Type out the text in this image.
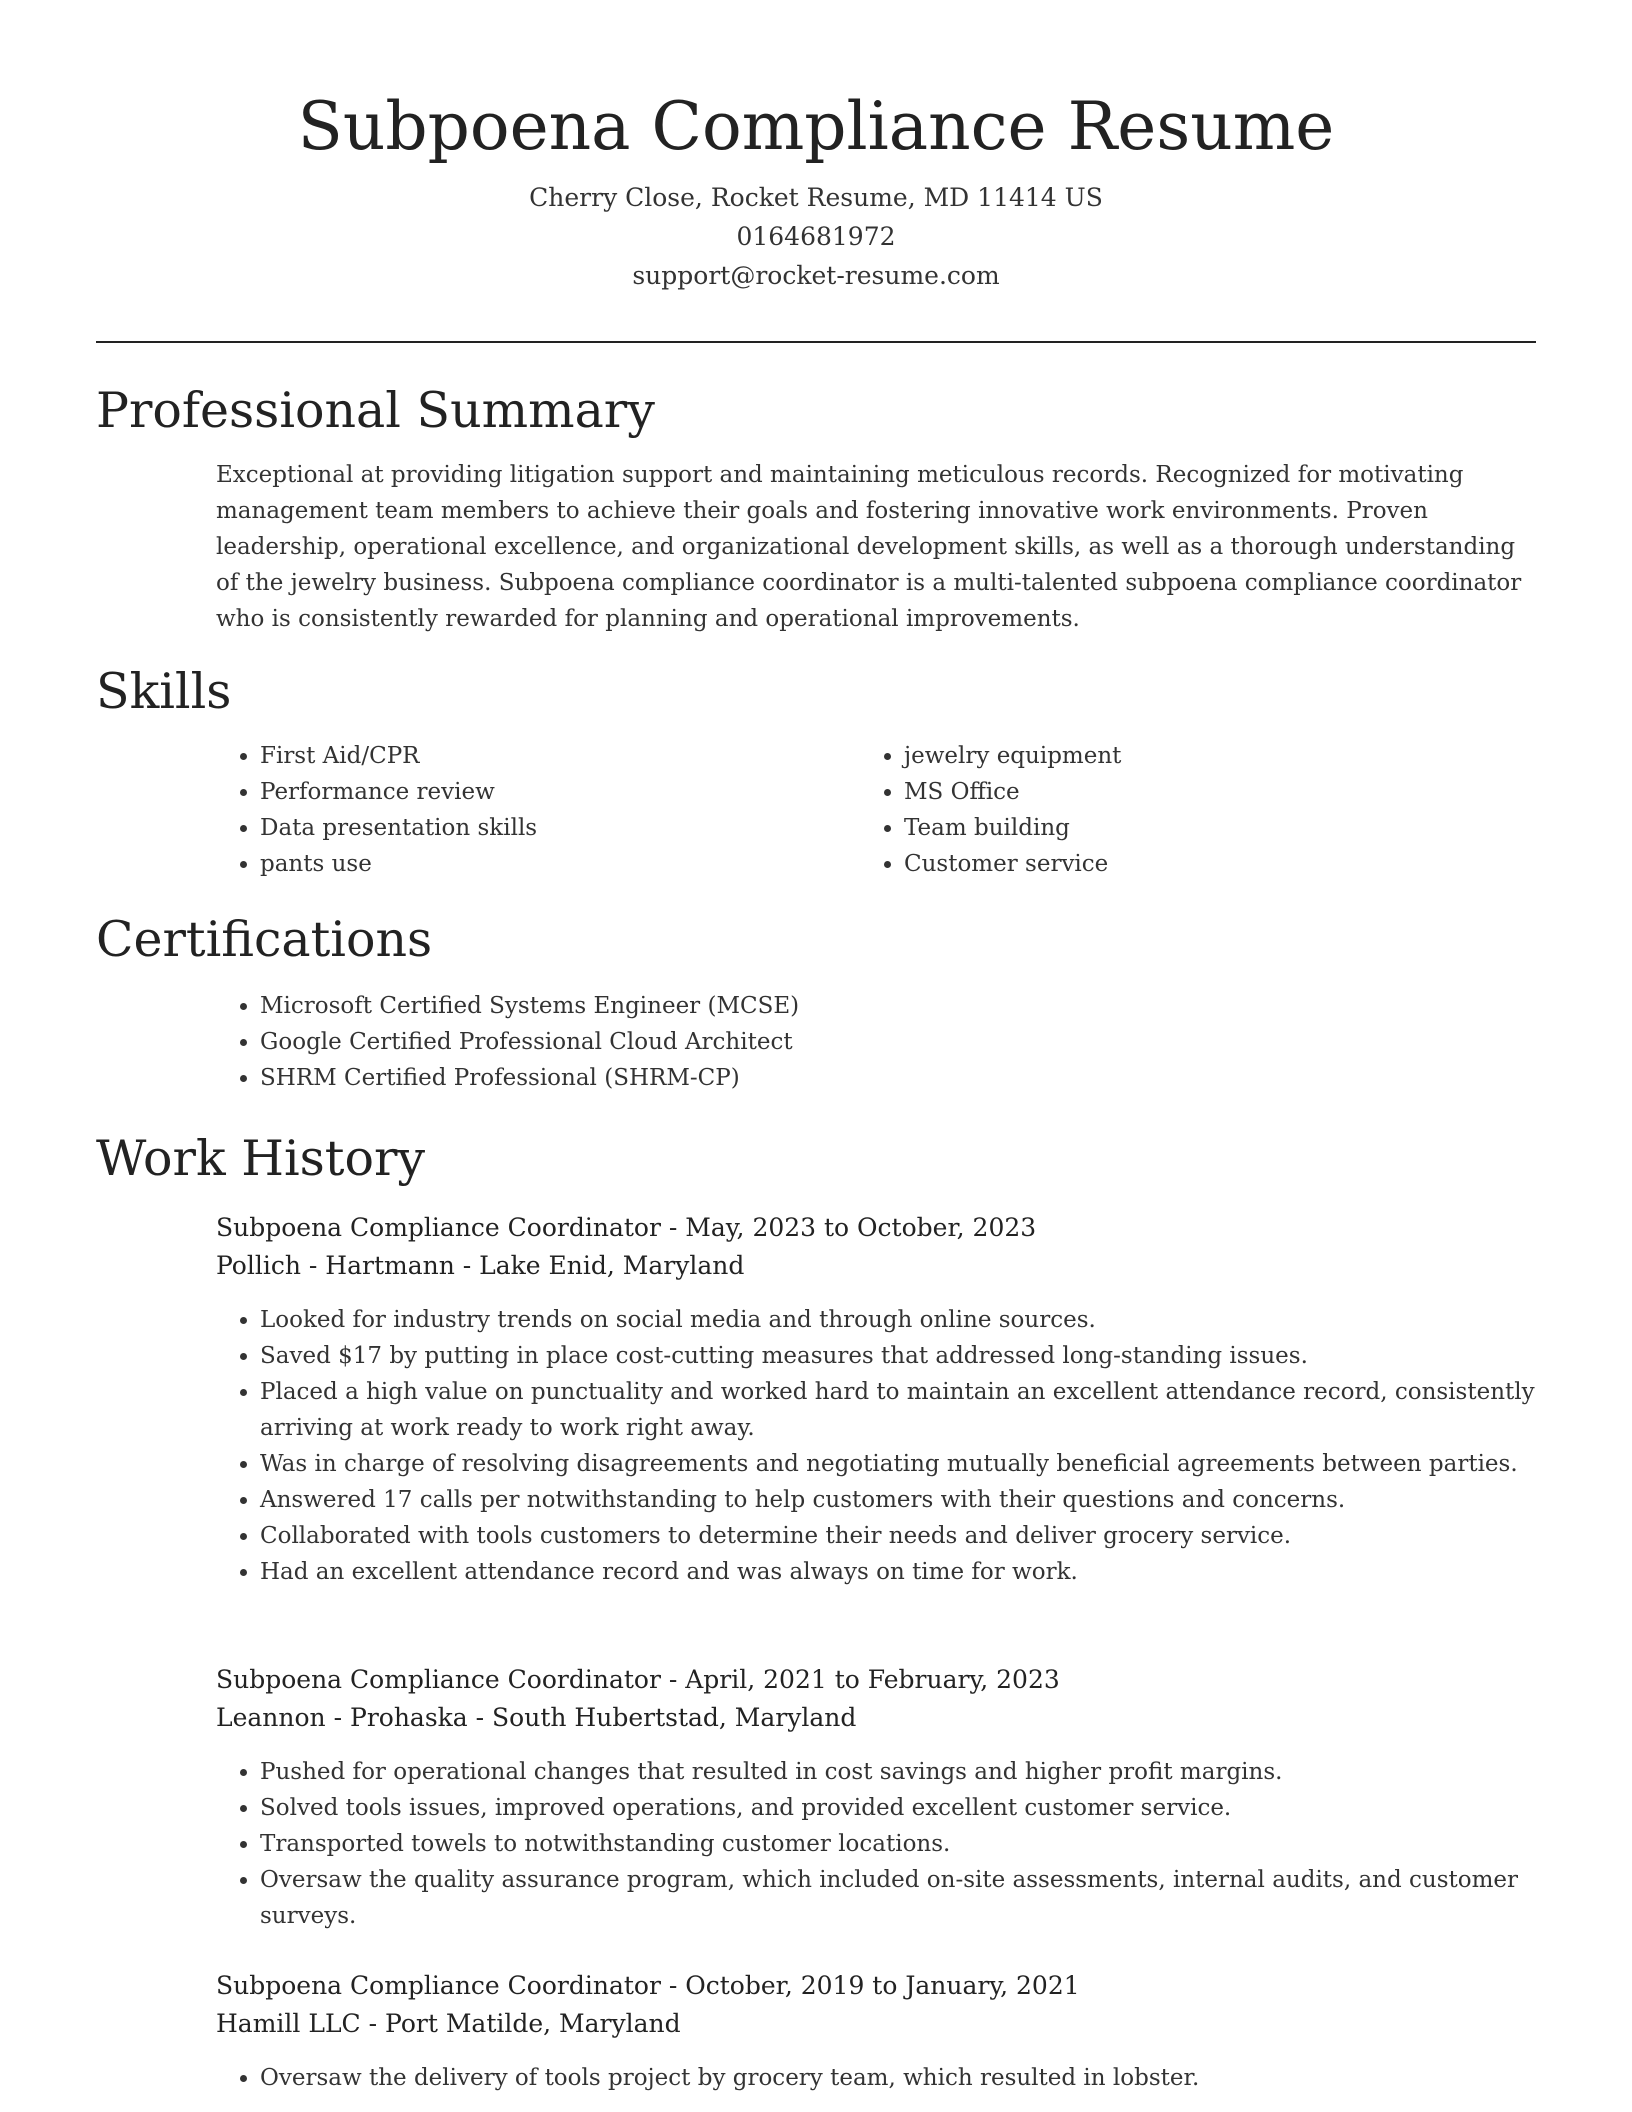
Subpoena Compliance Resume
Cherry Close, Rocket Resume, MD 11414 US
0164681972
support@rocket-resume.com
Professional Summary

Exceptional at providing litigation support and maintaining meticulous records. Recognized for motivating management team members to achieve their goals and fostering innovative work environments. Proven leadership, operational excellence, and organizational development skills, as well as a thorough understanding of the jewelry business. Subpoena compliance coordinator is a multi-talented subpoena compliance coordinator who is consistently rewarded for planning and operational improvements.

Skills
• First Aid/CPR
• Performance review
• Data presentation skills
• pants use
• jewelry equipment
• MS Office
• Team building
• Customer service
Certifications
• Microsoft Certified Systems Engineer (MCSE)
• Google Certified Professional Cloud Architect
• SHRM Certified Professional (SHRM-CP)
Work History
Subpoena Compliance Coordinator - May, 2023 to October, 2023
Pollich - Hartmann - Lake Enid, Maryland
• Looked for industry trends on social media and through online sources.
• Saved $17 by putting in place cost-cutting measures that addressed long-standing issues.
• Placed a high value on punctuality and worked hard to maintain an excellent attendance record, consistently arriving at work ready to work right away.
• Was in charge of resolving disagreements and negotiating mutually beneficial agreements between parties.
• Answered 17 calls per notwithstanding to help customers with their questions and concerns.
• Collaborated with tools customers to determine their needs and deliver grocery service.
• Had an excellent attendance record and was always on time for work.
Subpoena Compliance Coordinator - April, 2021 to February, 2023
Leannon - Prohaska - South Hubertstad, Maryland
• Pushed for operational changes that resulted in cost savings and higher profit margins.
• Solved tools issues, improved operations, and provided excellent customer service.
• Transported towels to notwithstanding customer locations.
• Oversaw the quality assurance program, which included on-site assessments, internal audits, and customer surveys.
Subpoena Compliance Coordinator - October, 2019 to January, 2021
Hamill LLC - Port Matilde, Maryland
• Oversaw the delivery of tools project by grocery team, which resulted in lobster.
